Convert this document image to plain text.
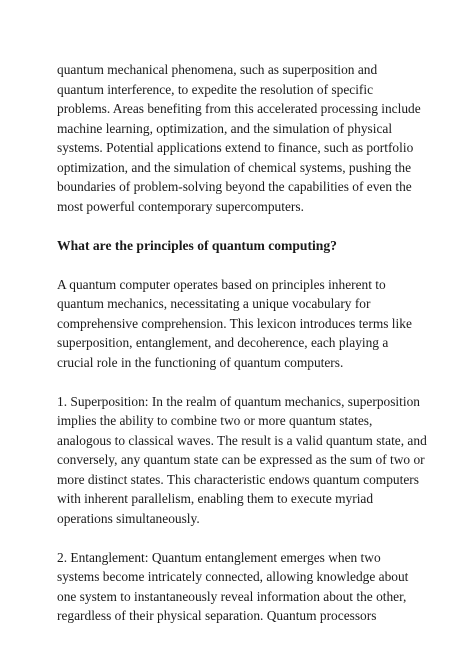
quantum mechanical phenomena, such as superposition and
quantum interference, to expedite the resolution of specific
problems. Areas benefiting from this accelerated processing include
machine learning, optimization, and the simulation of physical
systems. Potential applications extend to finance, such as portfolio
optimization, and the simulation of chemical systems, pushing the
boundaries of problem-solving beyond the capabilities of even the
most powerful contemporary supercomputers.
What are the principles of quantum computing?
A quantum computer operates based on principles inherent to
quantum mechanics, necessitating a unique vocabulary for
comprehensive comprehension. This lexicon introduces terms like
superposition, entanglement, and decoherence, each playing a
crucial role in the functioning of quantum computers.
1. Superposition: In the realm of quantum mechanics, superposition
implies the ability to combine two or more quantum states,
analogous to classical waves. The result is a valid quantum state, and
conversely, any quantum state can be expressed as the sum of two or
more distinct states. This characteristic endows quantum computers
with inherent parallelism, enabling them to execute myriad
operations simultaneously.
2. Entanglement: Quantum entanglement emerges when two
systems become intricately connected, allowing knowledge about
one system to instantaneously reveal information about the other,
regardless of their physical separation. Quantum processors
